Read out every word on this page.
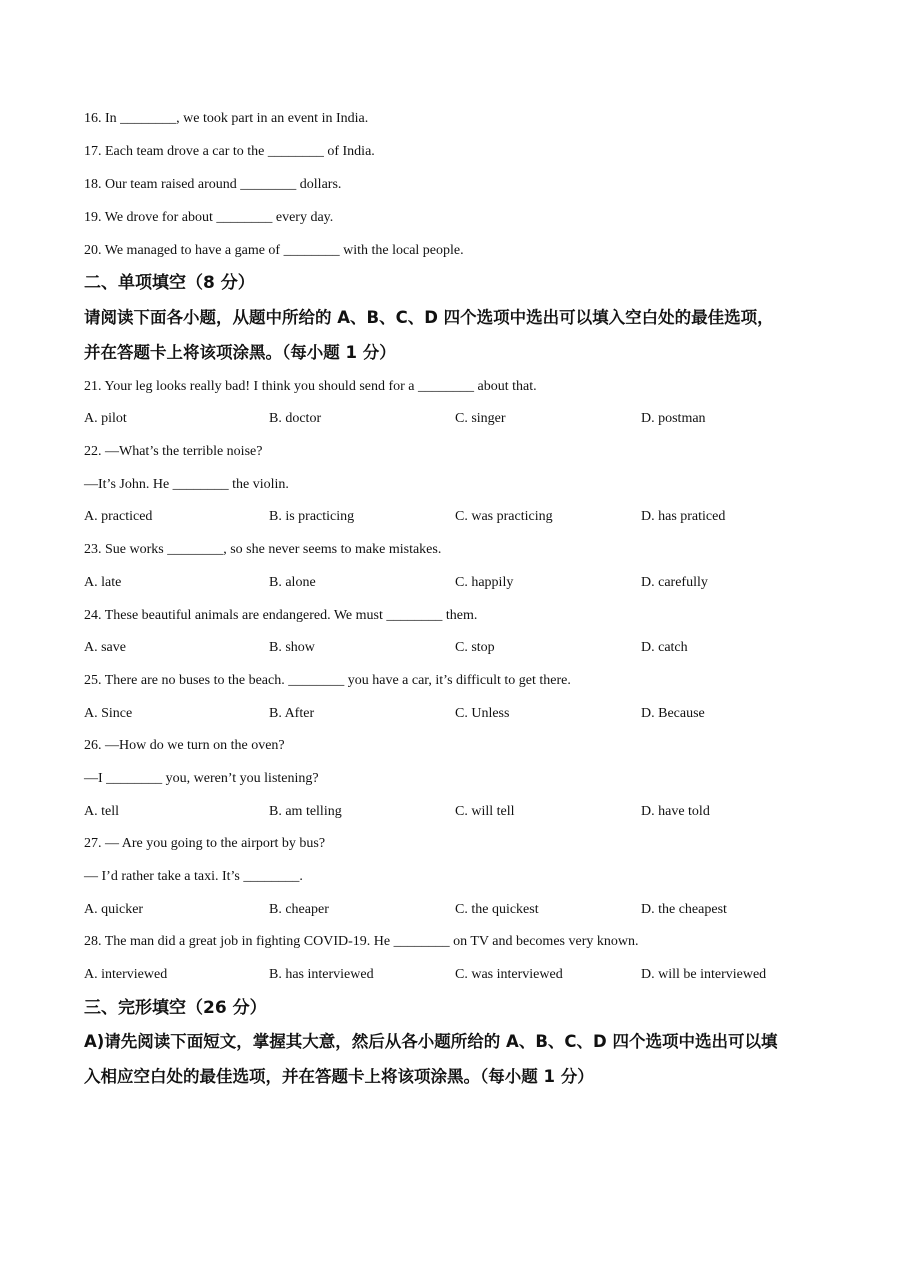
16. In ________, we took part in an event in India.
17. Each team drove a car to the ________ of India.
18. Our team raised around ________ dollars.
19. We drove for about ________ every day.
20. We managed to have a game of ________ with the local people.
二、单项填空（8 分）
请阅读下面各小题，从题中所给的 A、B、C、D 四个选项中选出可以填入空白处的最佳选项，
并在答题卡上将该项涂黑。（每小题 1 分）
21. Your leg looks really bad! I think you should send for a ________ about that.
A. pilot	B. doctor	C. singer	D. postman
22. —What’s the terrible noise?
—It’s John. He ________ the violin.
A. practiced	B. is practicing	C. was practicing	D. has praticed
23. Sue works ________, so she never seems to make mistakes.
A. late	B. alone	C. happily	D. carefully
24. These beautiful animals are endangered. We must ________ them.
A. save	B. show	C. stop	D. catch
25. There are no buses to the beach. ________ you have a car, it’s difficult to get there.
A. Since	B. After	C. Unless	D. Because
26. —How do we turn on the oven?
—I ________ you, weren’t you listening?
A. tell	B. am telling	C. will tell	D. have told
27. — Are you going to the airport by bus?
— I’d rather take a taxi. It’s ________.
A. quicker	B. cheaper	C. the quickest	D. the cheapest
28. The man did a great job in fighting COVID-19. He ________ on TV and becomes very known.
A. interviewed	B. has interviewed	C. was interviewed	D. will be interviewed
三、完形填空（26 分）
A)请先阅读下面短文，掌握其大意，然后从各小题所给的 A、B、C、D 四个选项中选出可以填
入相应空白处的最佳选项，并在答题卡上将该项涂黑。（每小题 1 分）
